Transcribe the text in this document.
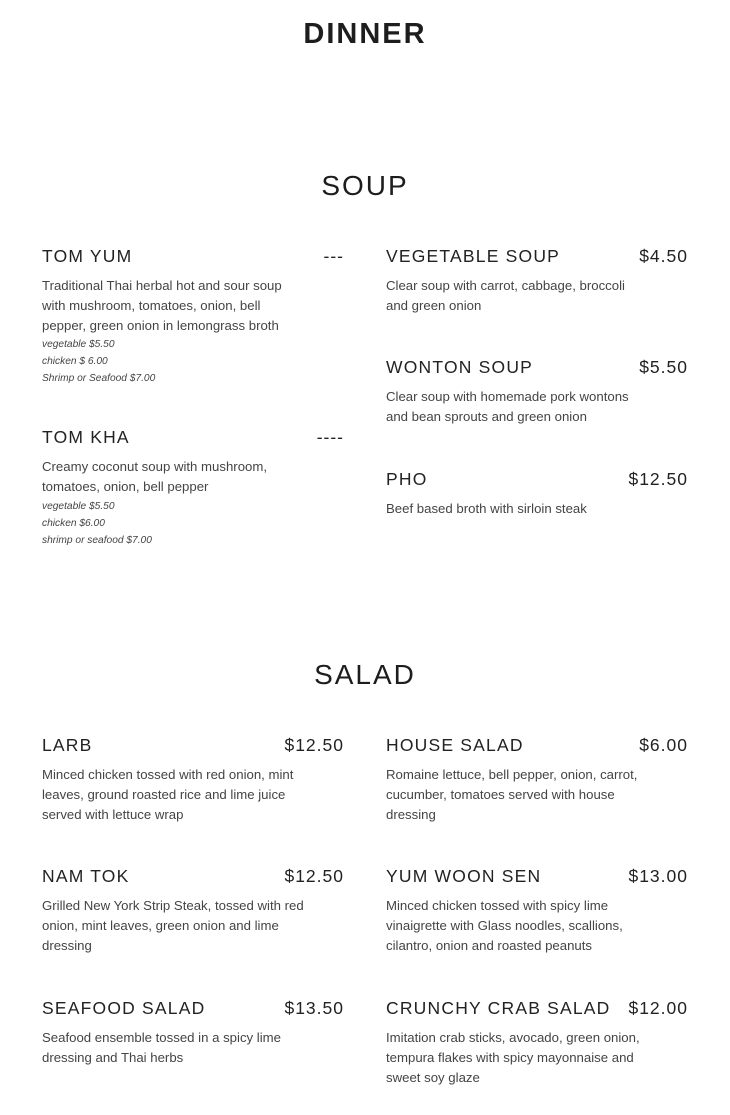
DINNER
SOUP
TOM YUM	---
Traditional Thai herbal hot and sour soup with mushroom, tomatoes, onion, bell pepper, green onion in lemongrass broth
vegetable $5.50
chicken $ 6.00
Shrimp or Seafood $7.00
VEGETABLE SOUP	$4.50
Clear soup with carrot, cabbage, broccoli and green onion
WONTON SOUP	$5.50
Clear soup with homemade pork wontons and bean sprouts and green onion
TOM KHA	----
Creamy coconut soup with mushroom, tomatoes, onion, bell pepper
vegetable $5.50
chicken $6.00
shrimp or seafood $7.00
PHO	$12.50
Beef based broth with sirloin steak
SALAD
LARB	$12.50
Minced chicken tossed with red onion, mint leaves, ground roasted rice and lime juice served with lettuce wrap
HOUSE SALAD	$6.00
Romaine lettuce, bell pepper, onion, carrot, cucumber, tomatoes served with house dressing
NAM TOK	$12.50
Grilled New York Strip Steak, tossed with red onion, mint leaves, green onion and lime dressing
YUM WOON SEN	$13.00
Minced chicken tossed with spicy lime vinaigrette with Glass noodles, scallions, cilantro, onion and roasted peanuts
SEAFOOD SALAD	$13.50
Seafood ensemble tossed in a spicy lime dressing and Thai herbs
CRUNCHY CRAB SALAD $12.00
Imitation crab sticks, avocado, green onion, tempura flakes with spicy mayonnaise and sweet soy glaze
